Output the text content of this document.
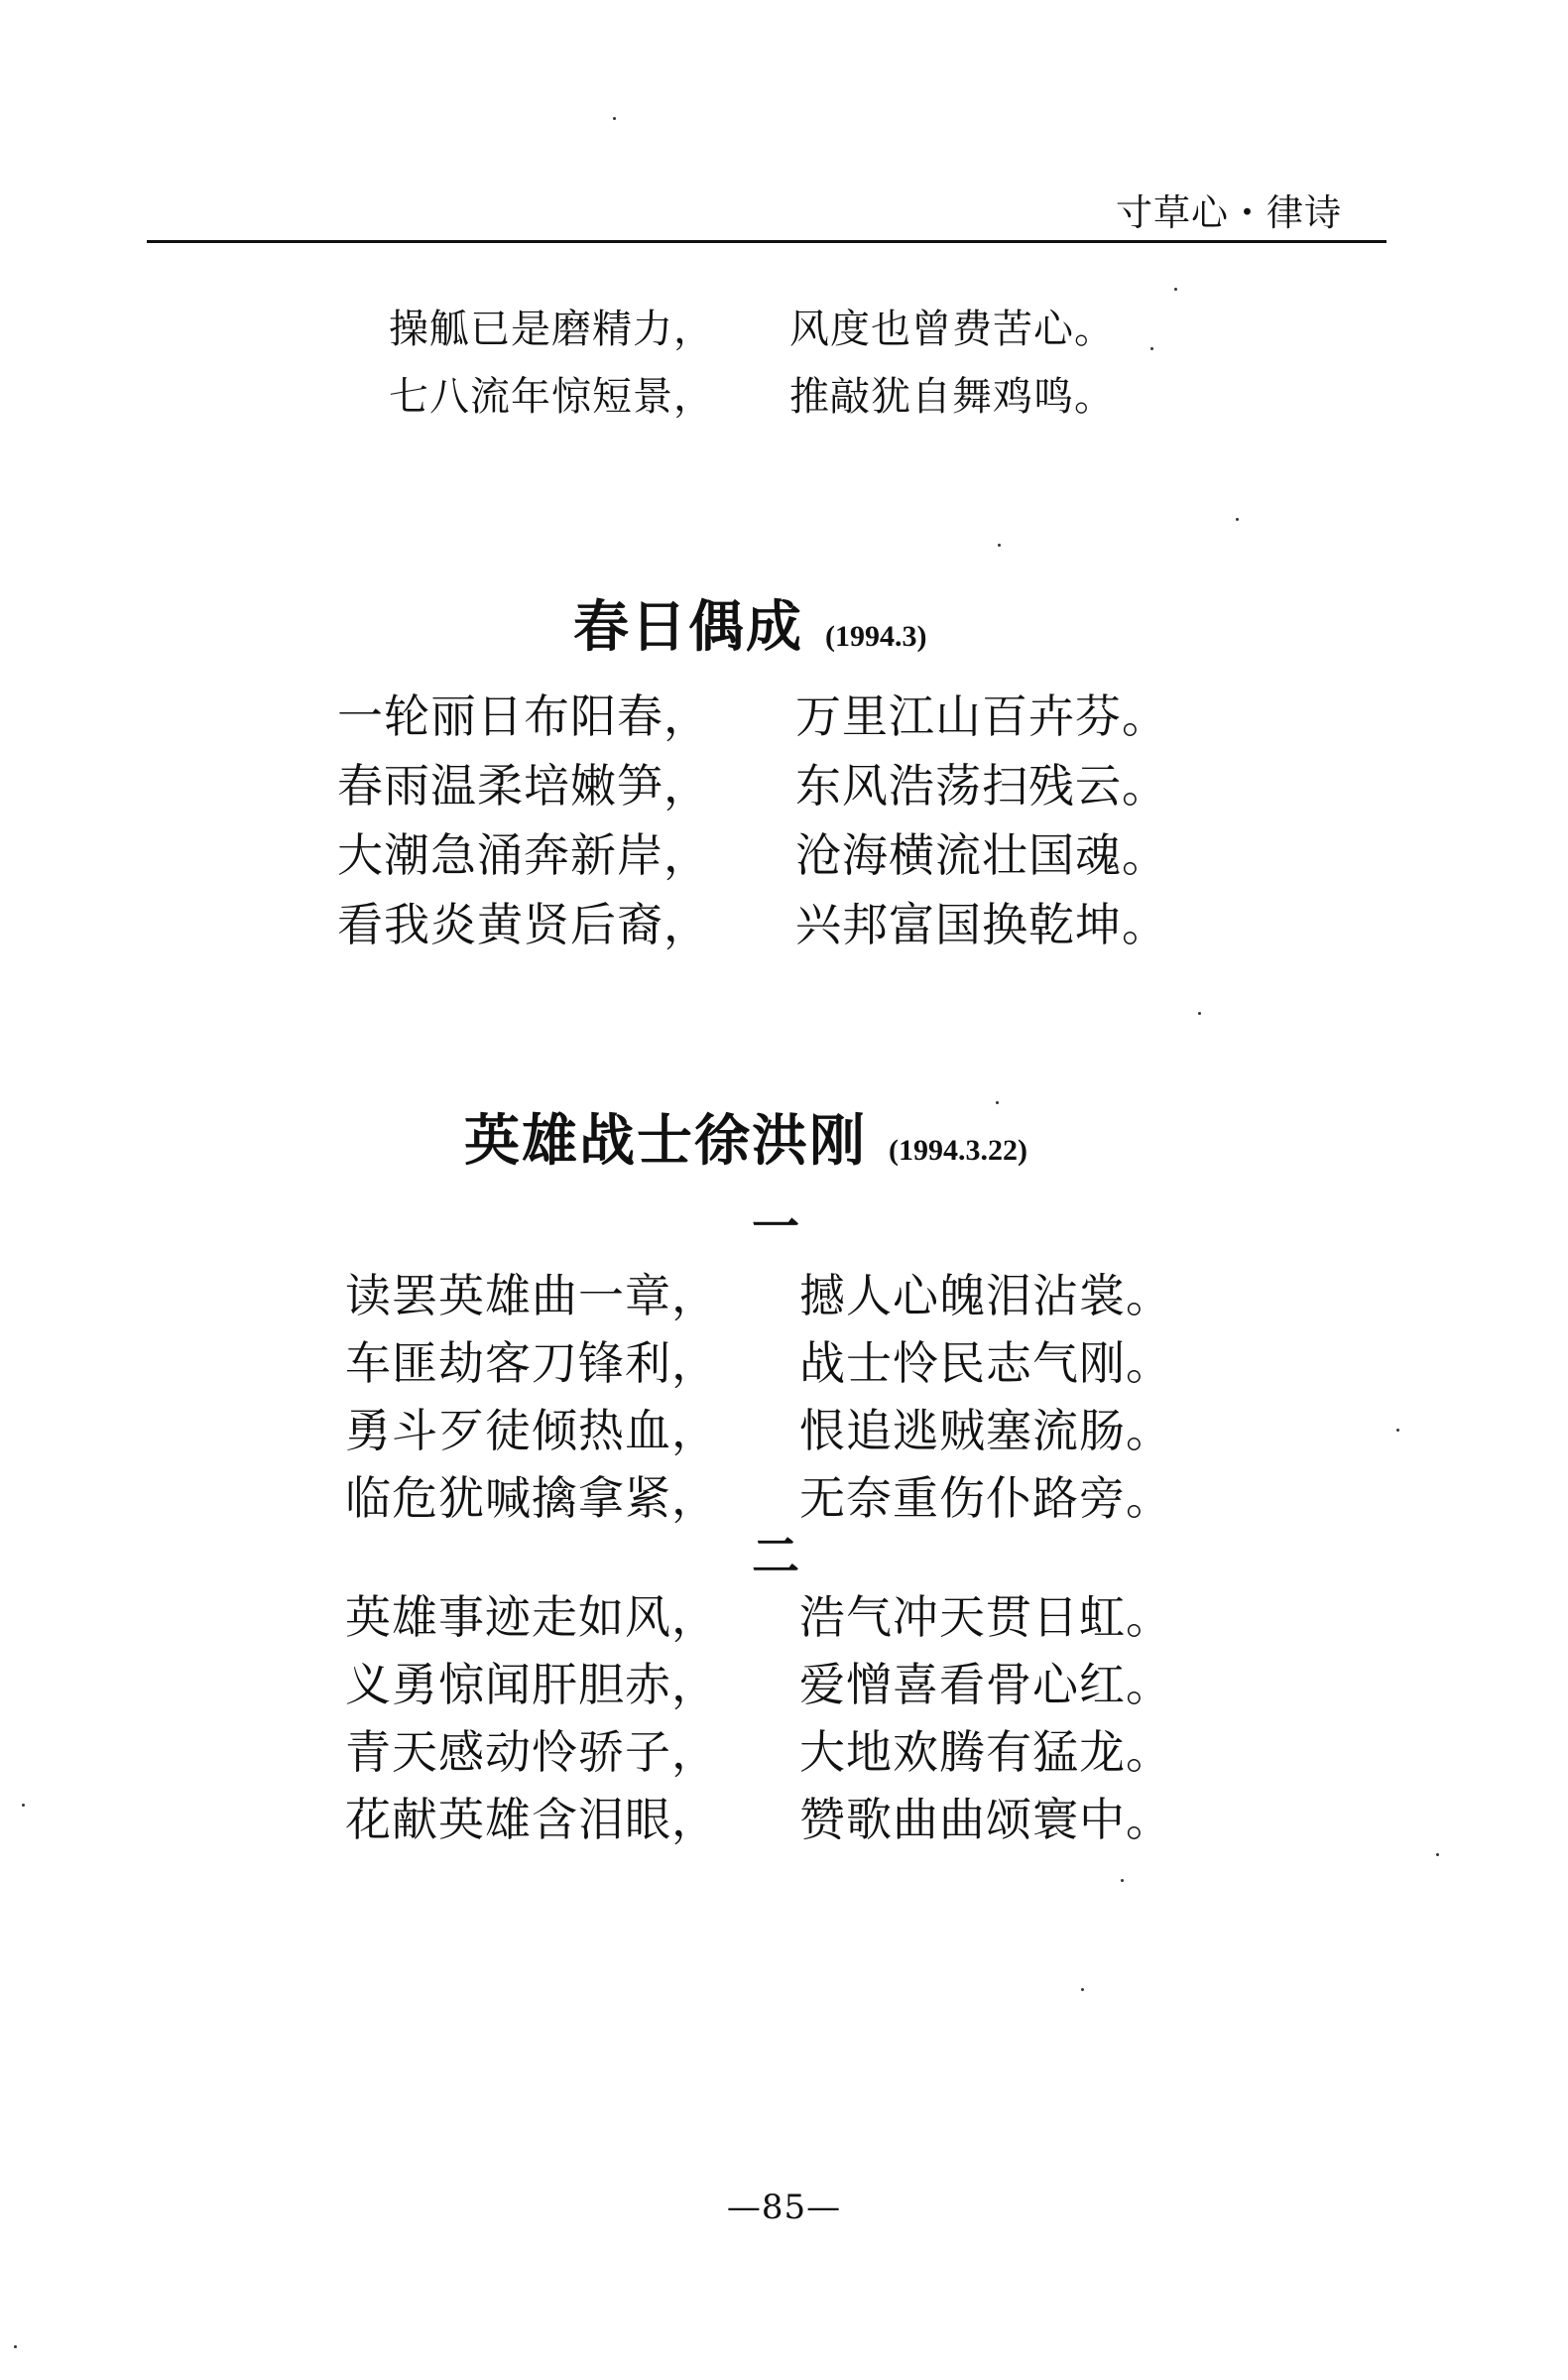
寸草心・律诗
操觚已是磨精力， 风度也曾费苦心。
七八流年惊短景， 推敲犹自舞鸡鸣。
春日偶成 (1994.3)
一轮丽日布阳春， 万里江山百卉芬。
春雨温柔培嫩笋， 东风浩荡扫残云。
大潮急涌奔新岸， 沧海横流壮国魂。
看我炎黄贤后裔， 兴邦富国换乾坤。
英雄战士徐洪刚 (1994.3.22)
一
读罢英雄曲一章， 撼人心魄泪沾裳。
车匪劫客刀锋利， 战士怜民志气刚。
勇斗歹徒倾热血， 恨追逃贼塞流肠。
临危犹喊擒拿紧， 无奈重伤仆路旁。
二
英雄事迹走如风， 浩气冲天贯日虹。
义勇惊闻肝胆赤， 爱憎喜看骨心红。
青天感动怜骄子， 大地欢腾有猛龙。
花献英雄含泪眼， 赞歌曲曲颂寰中。
—85—
